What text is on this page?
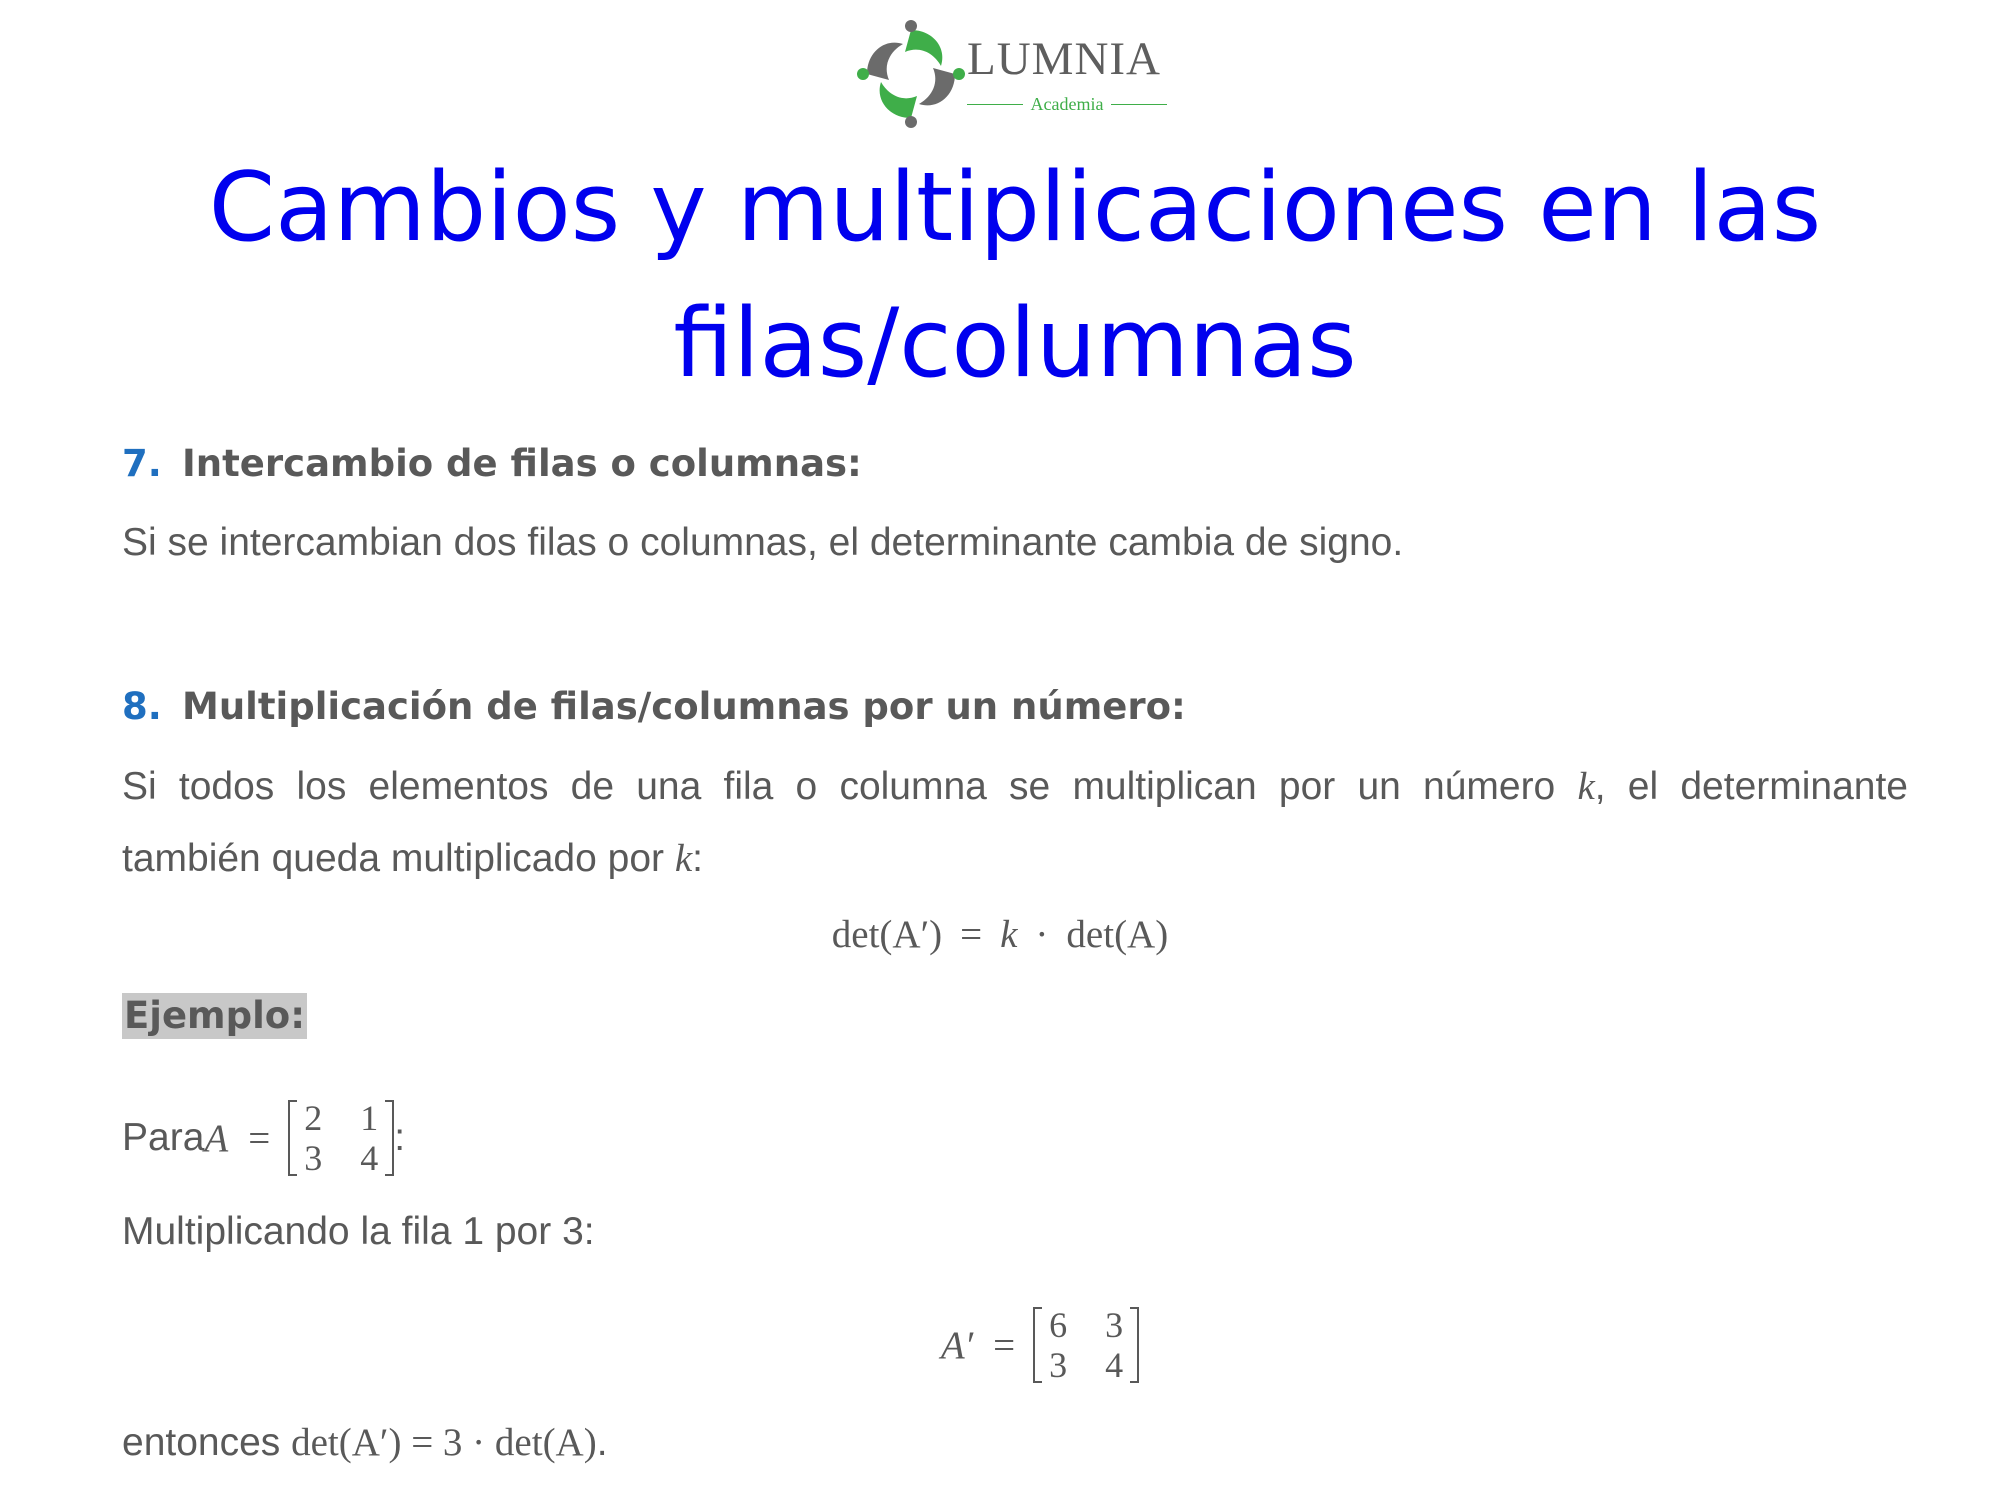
LUMNIA
Academia
Cambios y multiplicaciones en las
filas/columnas
7. Intercambio de filas o columnas:
Si se intercambian dos filas o columnas, el determinante cambia de signo.
8. Multiplicación de filas/columnas por un número:
Si todos los elementos de una fila o columna se multiplican por un número k, el determinante
también queda multiplicado por k:
det(A′) = k · det(A)
Ejemplo:
Para A = 2	1
3	4 :
Multiplicando la fila 1 por 3:
A′ = 6	3
3	4
entonces det(A′) = 3 · det(A).
